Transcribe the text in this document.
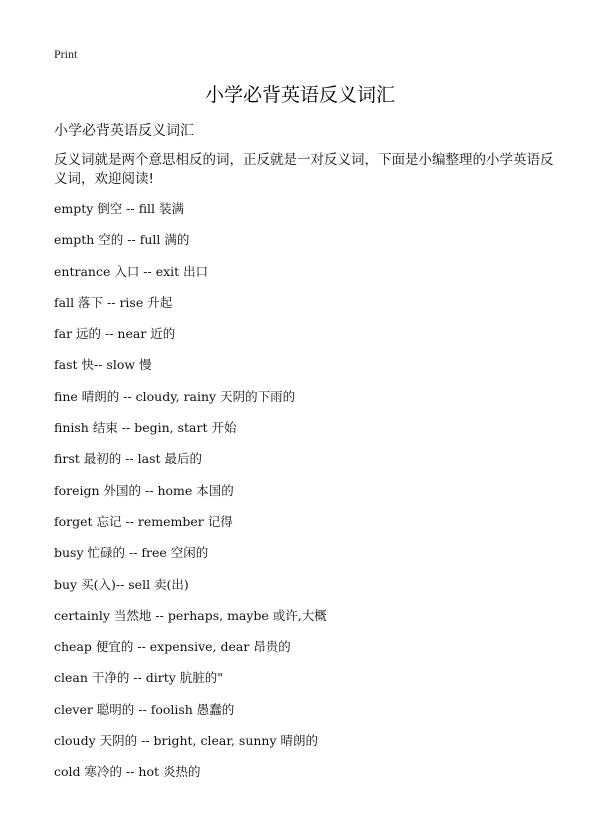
Print
小学必背英语反义词汇
小学必背英语反义词汇
反义词就是两个意思相反的词，正反就是一对反义词，下面是小编整理的小学英语反义词，欢迎阅读!
empty 倒空 -- fill 装满
empth 空的 -- full 满的
entrance 入口 -- exit 出口
fall 落下 -- rise 升起
far 远的 -- near 近的
fast 快-- slow 慢
fine 晴朗的 -- cloudy, rainy 天阴的下雨的
finish 结束 -- begin, start 开始
first 最初的 -- last 最后的
foreign 外国的 -- home 本国的
forget 忘记 -- remember 记得
busy 忙碌的 -- free 空闲的
buy 买(入)-- sell 卖(出)
certainly 当然地 -- perhaps, maybe 或许,大概
cheap 便宜的 -- expensive, dear 昂贵的
clean 干净的 -- dirty 肮脏的"
clever 聪明的 -- foolish 愚蠢的
cloudy 天阴的 -- bright, clear, sunny 晴朗的
cold 寒冷的 -- hot 炎热的
